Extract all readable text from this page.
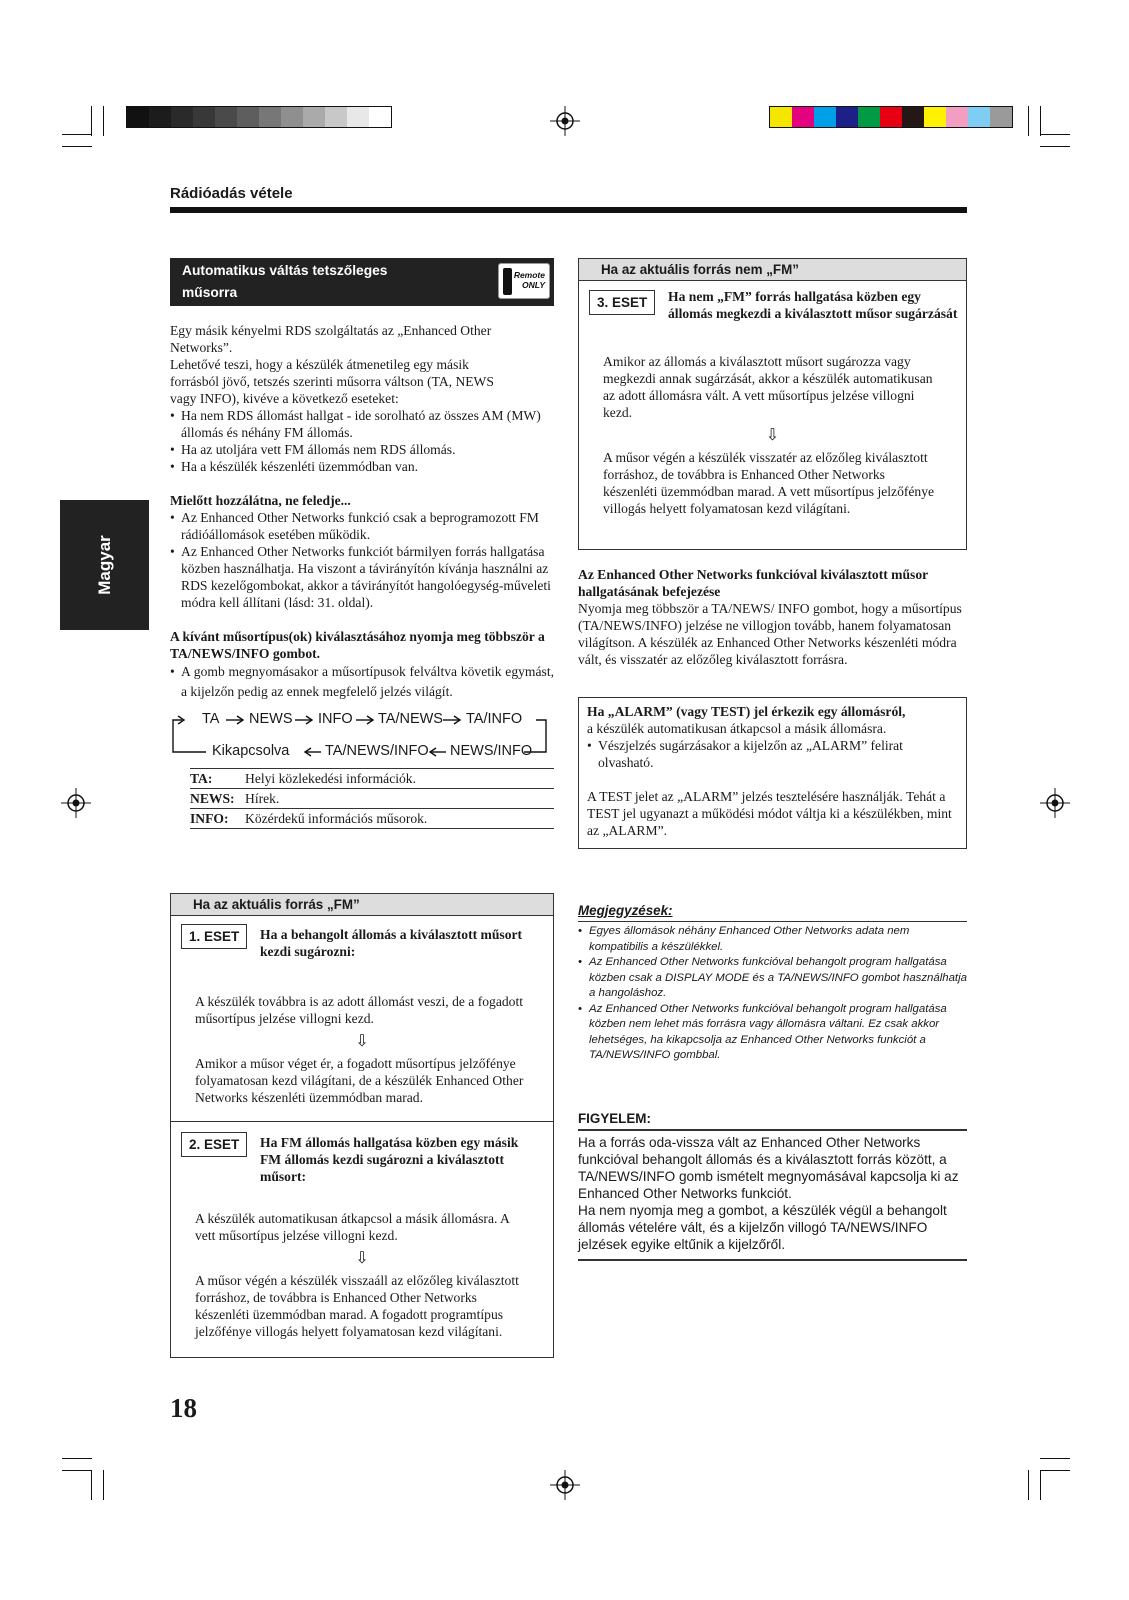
Rádióadás vétele
Magyar
Automatikus váltás tetszőleges
műsorra
Remote
ONLY
Egy másik kényelmi RDS szolgáltatás az „Enhanced Other
Networks”.
Lehetővé teszi, hogy a készülék átmenetileg egy másik
forrásból jövő, tetszés szerinti műsorra váltson (TA, NEWS
vagy INFO), kivéve a következő eseteket:
• Ha nem RDS állomást hallgat - ide sorolható az összes AM (MW) állomás és néhány FM állomás.
• Ha az utoljára vett FM állomás nem RDS állomás.
• Ha a készülék készenléti üzemmódban van.
Mielőtt hozzálátna, ne feledje...
• Az Enhanced Other Networks funkció csak a beprogramozott FM rádióállomások esetében működik.
• Az Enhanced Other Networks funkciót bármilyen forrás hallgatása közben használhatja. Ha viszont a távirányítón kívánja használni az RDS kezelőgombokat, akkor a távirányítót hangolóegység-műveleti módra kell állítani (lásd: 31. oldal).
A kívánt műsortípus(ok) kiválasztásához nyomja meg többször a TA/NEWS/INFO gombot.
• A gomb megnyomásakor a műsortípusok felváltva követik egymást, a kijelzőn pedig az ennek megfelelő jelzés világít.
TA NEWS INFO TA/NEWS TA/INFO
Kikapcsolva TA/NEWS/INFO NEWS/INFO
TA:	Helyi közlekedési információk.
NEWS: Hírek.
INFO:	Közérdekű információs műsorok.
Ha az aktuális forrás „FM”
1. ESET Ha a behangolt állomás a kiválasztott műsort kezdi sugározni:
A készülék továbbra is az adott állomást veszi, de a fogadott műsortípus jelzése villogni kezd.
⇩
Amikor a műsor véget ér, a fogadott műsortípus jelzőfénye folyamatosan kezd világítani, de a készülék Enhanced Other Networks készenléti üzemmódban marad.
2. ESET Ha FM állomás hallgatása közben egy másik FM állomás kezdi sugározni a kiválasztott műsort:
A készülék automatikusan átkapcsol a másik állomásra. A vett műsortípus jelzése villogni kezd.
⇩
A műsor végén a készülék visszaáll az előzőleg kiválasztott forráshoz, de továbbra is Enhanced Other Networks készenléti üzemmódban marad. A fogadott programtípus jelzőfénye villogás helyett folyamatosan kezd világítani.
Ha az aktuális forrás nem „FM”
3. ESET Ha nem „FM” forrás hallgatása közben egy állomás megkezdi a kiválasztott műsor sugárzását
Amikor az állomás a kiválasztott műsort sugározza vagy megkezdi annak sugárzását, akkor a készülék automatikusan az adott állomásra vált. A vett műsortípus jelzése villogni kezd.
⇩
A műsor végén a készülék visszatér az előzőleg kiválasztott forráshoz, de továbbra is Enhanced Other Networks készenléti üzemmódban marad. A vett műsortípus jelzőfénye villogás helyett folyamatosan kezd világítani.
Az Enhanced Other Networks funkcióval kiválasztott műsor hallgatásának befejezése
Nyomja meg többször a TA/NEWS/ INFO gombot, hogy a műsortípus (TA/NEWS/INFO) jelzése ne villogjon tovább, hanem folyamatosan világítson. A készülék az Enhanced Other Networks készenléti módra vált, és visszatér az előzőleg kiválasztott forrásra.
Ha „ALARM” (vagy TEST) jel érkezik egy állomásról,
a készülék automatikusan átkapcsol a másik állomásra.
• Vészjelzés sugárzásakor a kijelzőn az „ALARM” felirat olvasható.
A TEST jelet az „ALARM” jelzés tesztelésére használják. Tehát a TEST jel ugyanazt a működési módot váltja ki a készülékben, mint az „ALARM”.
Megjegyzések:
• Egyes állomások néhány Enhanced Other Networks adata nem kompatibilis a készülékkel.
• Az Enhanced Other Networks funkcióval behangolt program hallgatása közben csak a DISPLAY MODE és a TA/NEWS/INFO gombot használhatja a hangoláshoz.
• Az Enhanced Other Networks funkcióval behangolt program hallgatása közben nem lehet más forrásra vagy állomásra váltani. Ez csak akkor lehetséges, ha kikapcsolja az Enhanced Other Networks funkciót a TA/NEWS/INFO gombbal.
FIGYELEM:
Ha a forrás oda-vissza vált az Enhanced Other Networks funkcióval behangolt állomás és a kiválasztott forrás között, a TA/NEWS/INFO gomb ismételt megnyomásával kapcsolja ki az Enhanced Other Networks funkciót.
Ha nem nyomja meg a gombot, a készülék végül a behangolt állomás vételére vált, és a kijelzőn villogó TA/NEWS/INFO jelzések egyike eltűnik a kijelzőről.
18
